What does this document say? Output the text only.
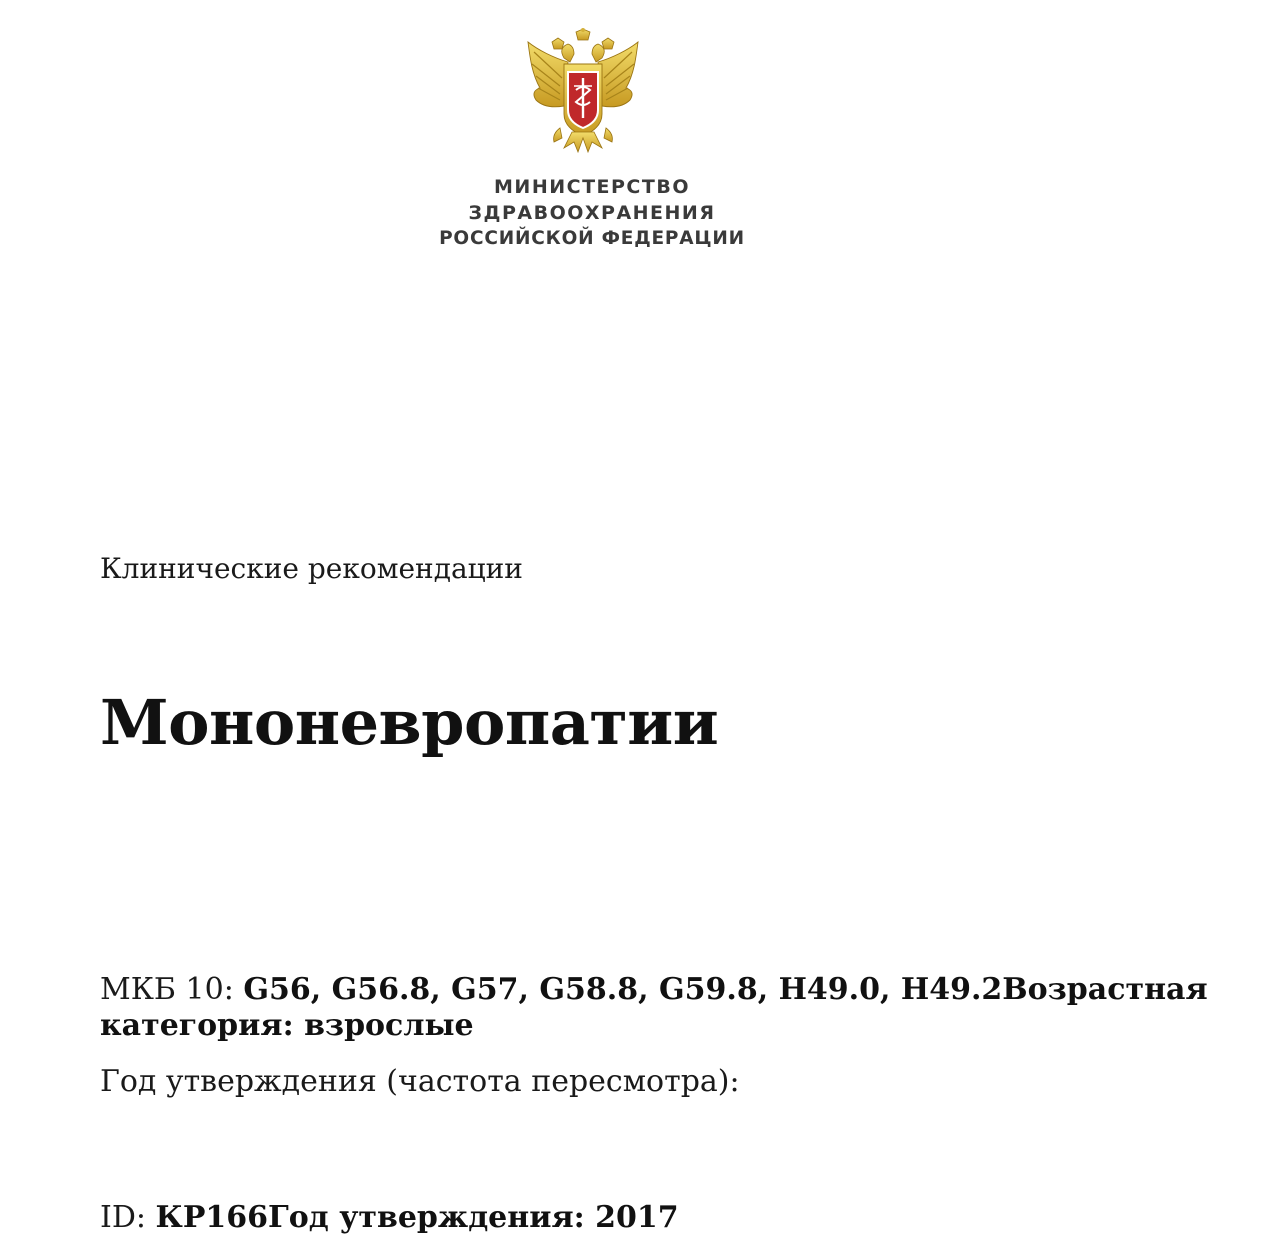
МИНИСТЕРСТВО
ЗДРАВООХРАНЕНИЯ
РОССИЙСКОЙ ФЕДЕРАЦИИ
Клинические рекомендации
Мононевропатии
МКБ 10: G56, G56.8, G57, G58.8, G59.8, H49.0, H49.2Возрастная категория: взрослые
Год утверждения (частота пересмотра):
ID: КР166Год утверждения: 2017
